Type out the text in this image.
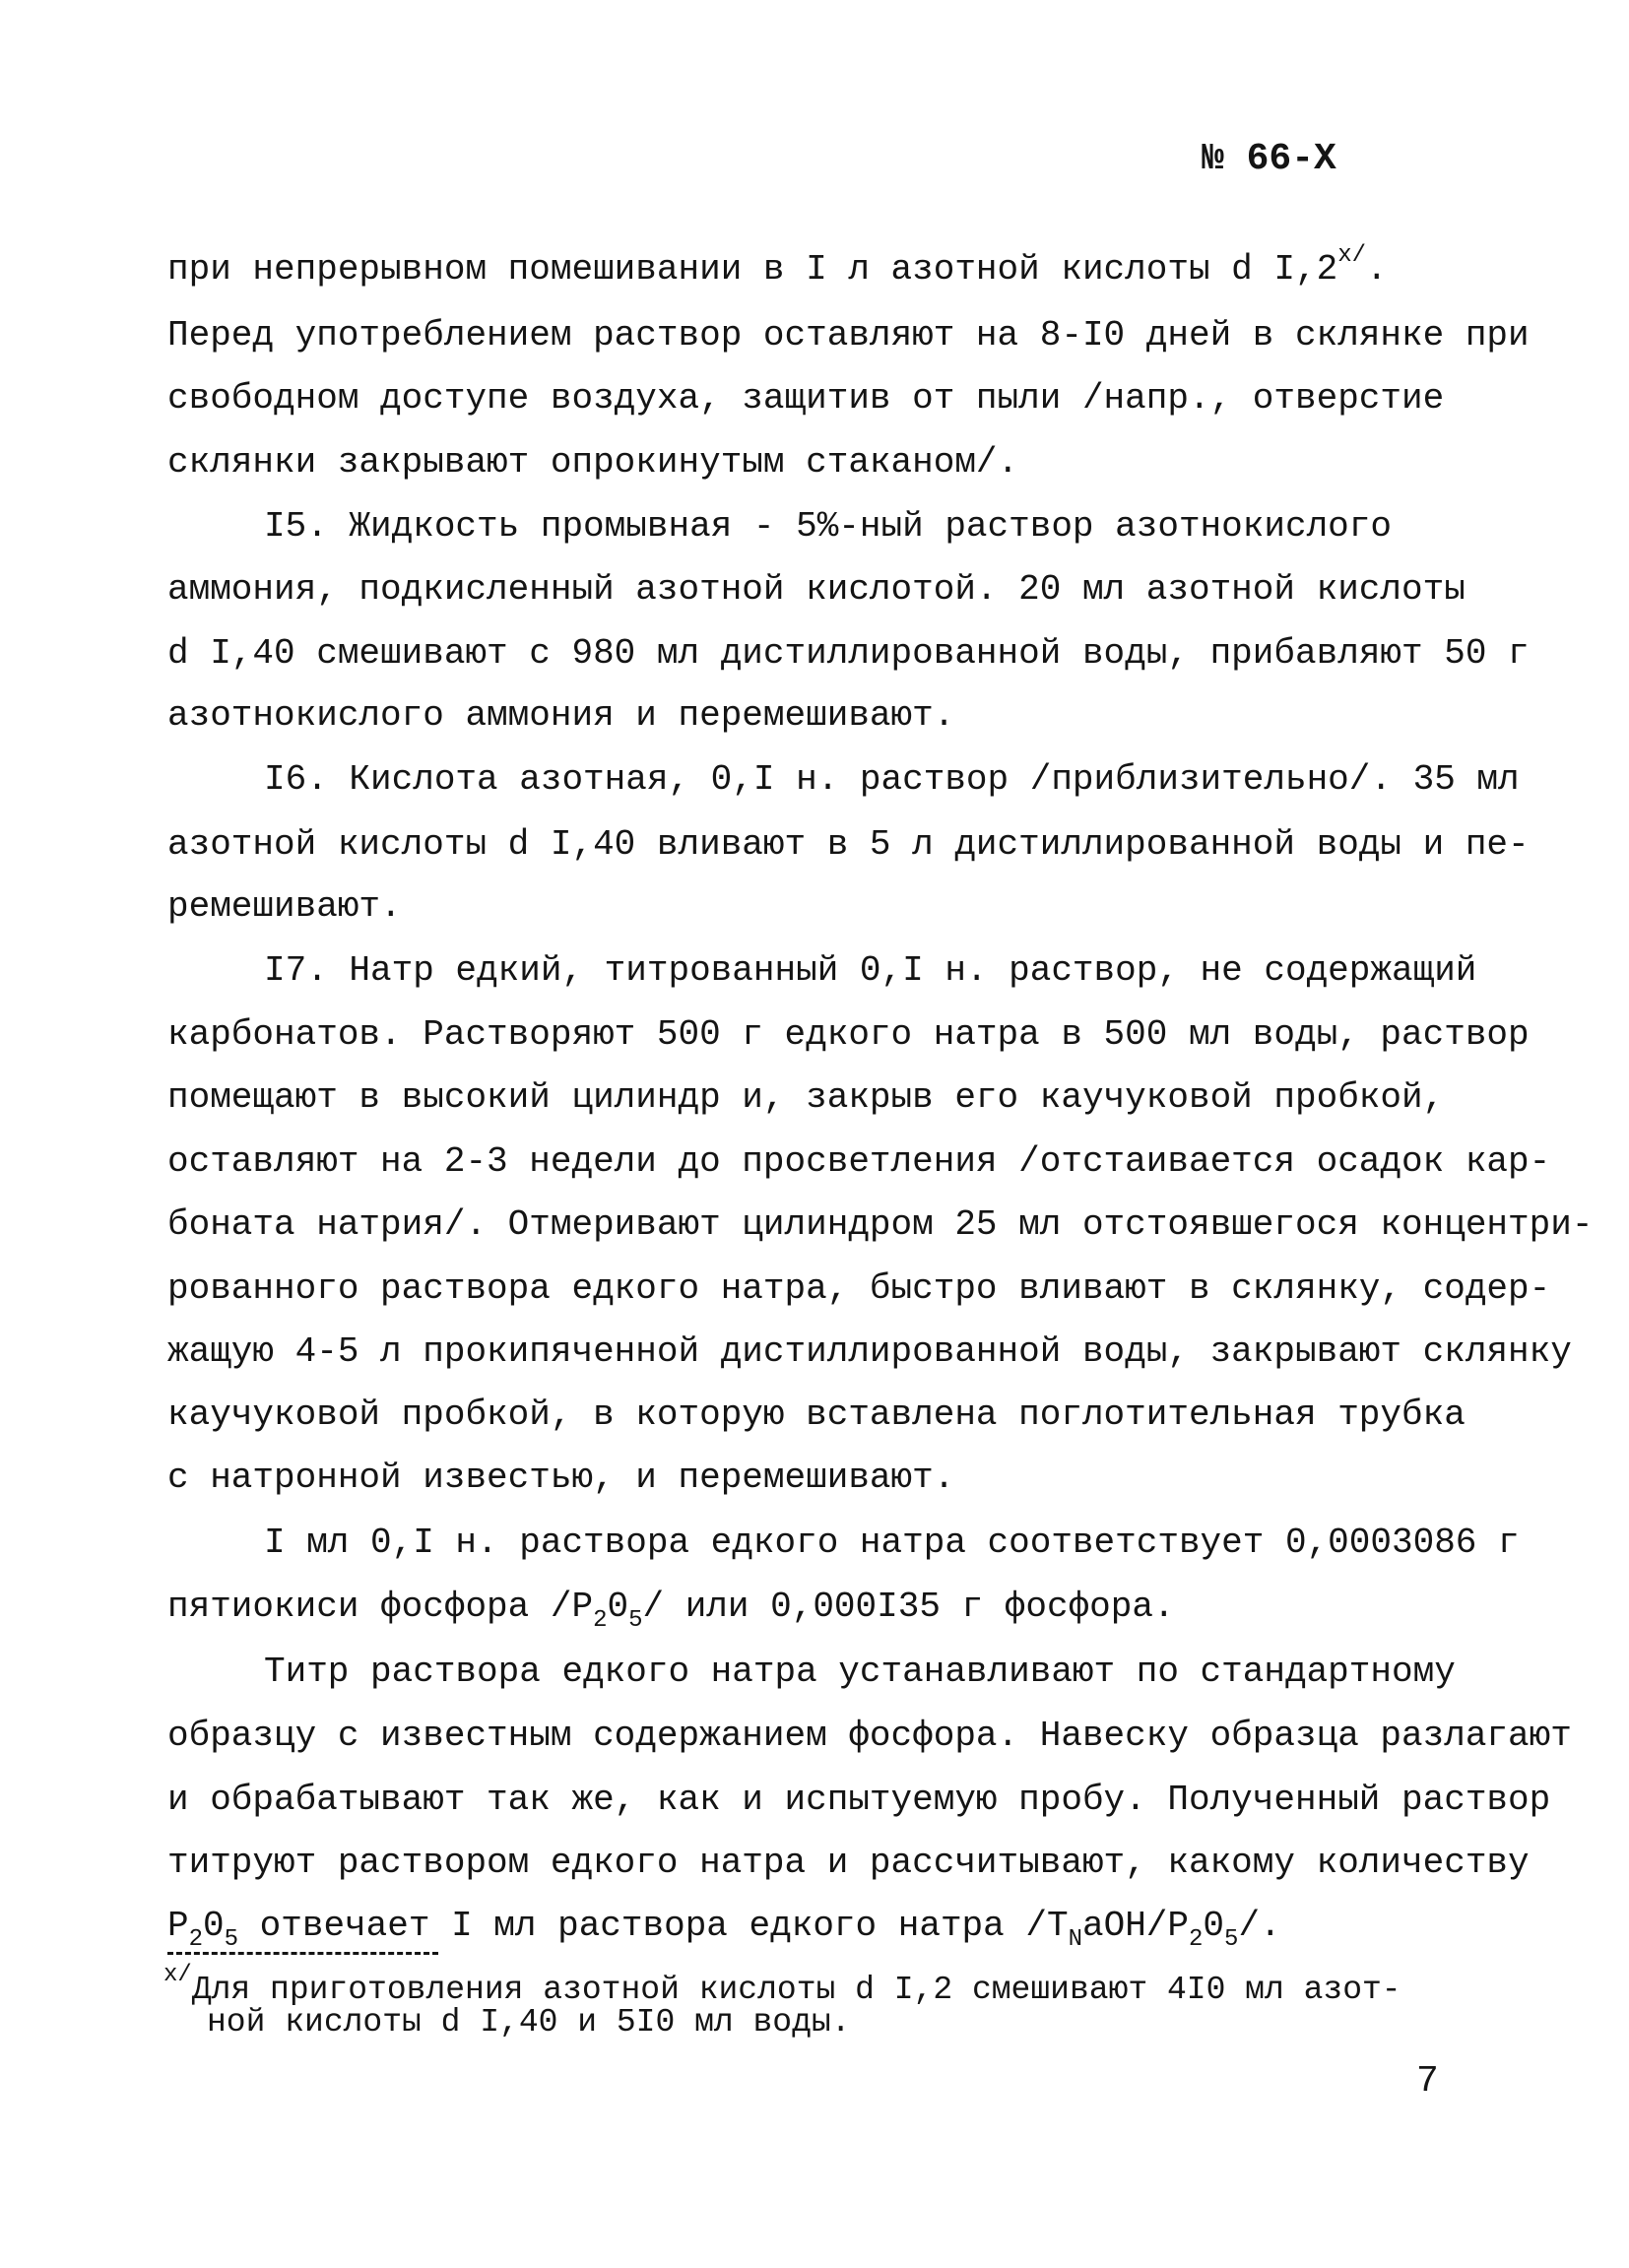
№ 66-Х
при непрерывном помешивании в I л азотной кислоты d $I,2^{x/}$.
Перед употреблением раствор оставляют на 8-I0 дней в склянке при
свободном доступе воздуха, защитив от пыли /напр., отверстие
склянки закрывают опрокинутым стаканом/.
I5. Жидкость промывная - 5%-ный раствор азотнокислого
аммония, подкисленный азотной кислотой. 20 мл азотной кислоты
d I,40 смешивают с 980 мл дистиллированной воды, прибавляют 50 г
азотнокислого аммония и перемешивают.
I6. Кислота азотная, 0,I н. раствор /приблизительно/. 35 мл
азотной кислоты d I,40 вливают в 5 л дистиллированной воды и пе-
ремешивают.
I7. Натр едкий, титрованный 0,I н. раствор, не содержащий
карбонатов. Растворяют 500 г едкого натра в 500 мл воды, раствор
помещают в высокий цилиндр и, закрыв его каучуковой пробкой,
оставляют на 2-3 недели до просветления /отстаивается осадок кар-
боната натрия/. Отмеривают цилиндром 25 мл отстоявшегося концентри-
рованного раствора едкого натра, быстро вливают в склянку, содер-
жащую 4-5 л прокипяченной дистиллированной воды, закрывают склянку
каучуковой пробкой, в которую вставлена поглотительная трубка
с натронной известью, и перемешивают.
I мл 0,I н. раствора едкого натра соответствует 0,0003086 г
пятиокиси фосфора $/P_20_5/$ или 0,000I35 г фосфора.
Титр раствора едкого натра устанавливают по стандартному
образцу с известным содержанием фосфора. Навеску образца разлагают
и обрабатывают так же, как и испытуемую пробу. Полученный раствор
титруют раствором едкого натра и рассчитывают, какому количеству
$P_20_5$ отвечает I мл раствора едкого натра $/T_NaOH/P_20_5/$.
$^{x/}$Для приготовления азотной кислоты d I,2 смешивают 4I0 мл азот-
ной кислоты d I,40 и 5I0 мл воды.
7
